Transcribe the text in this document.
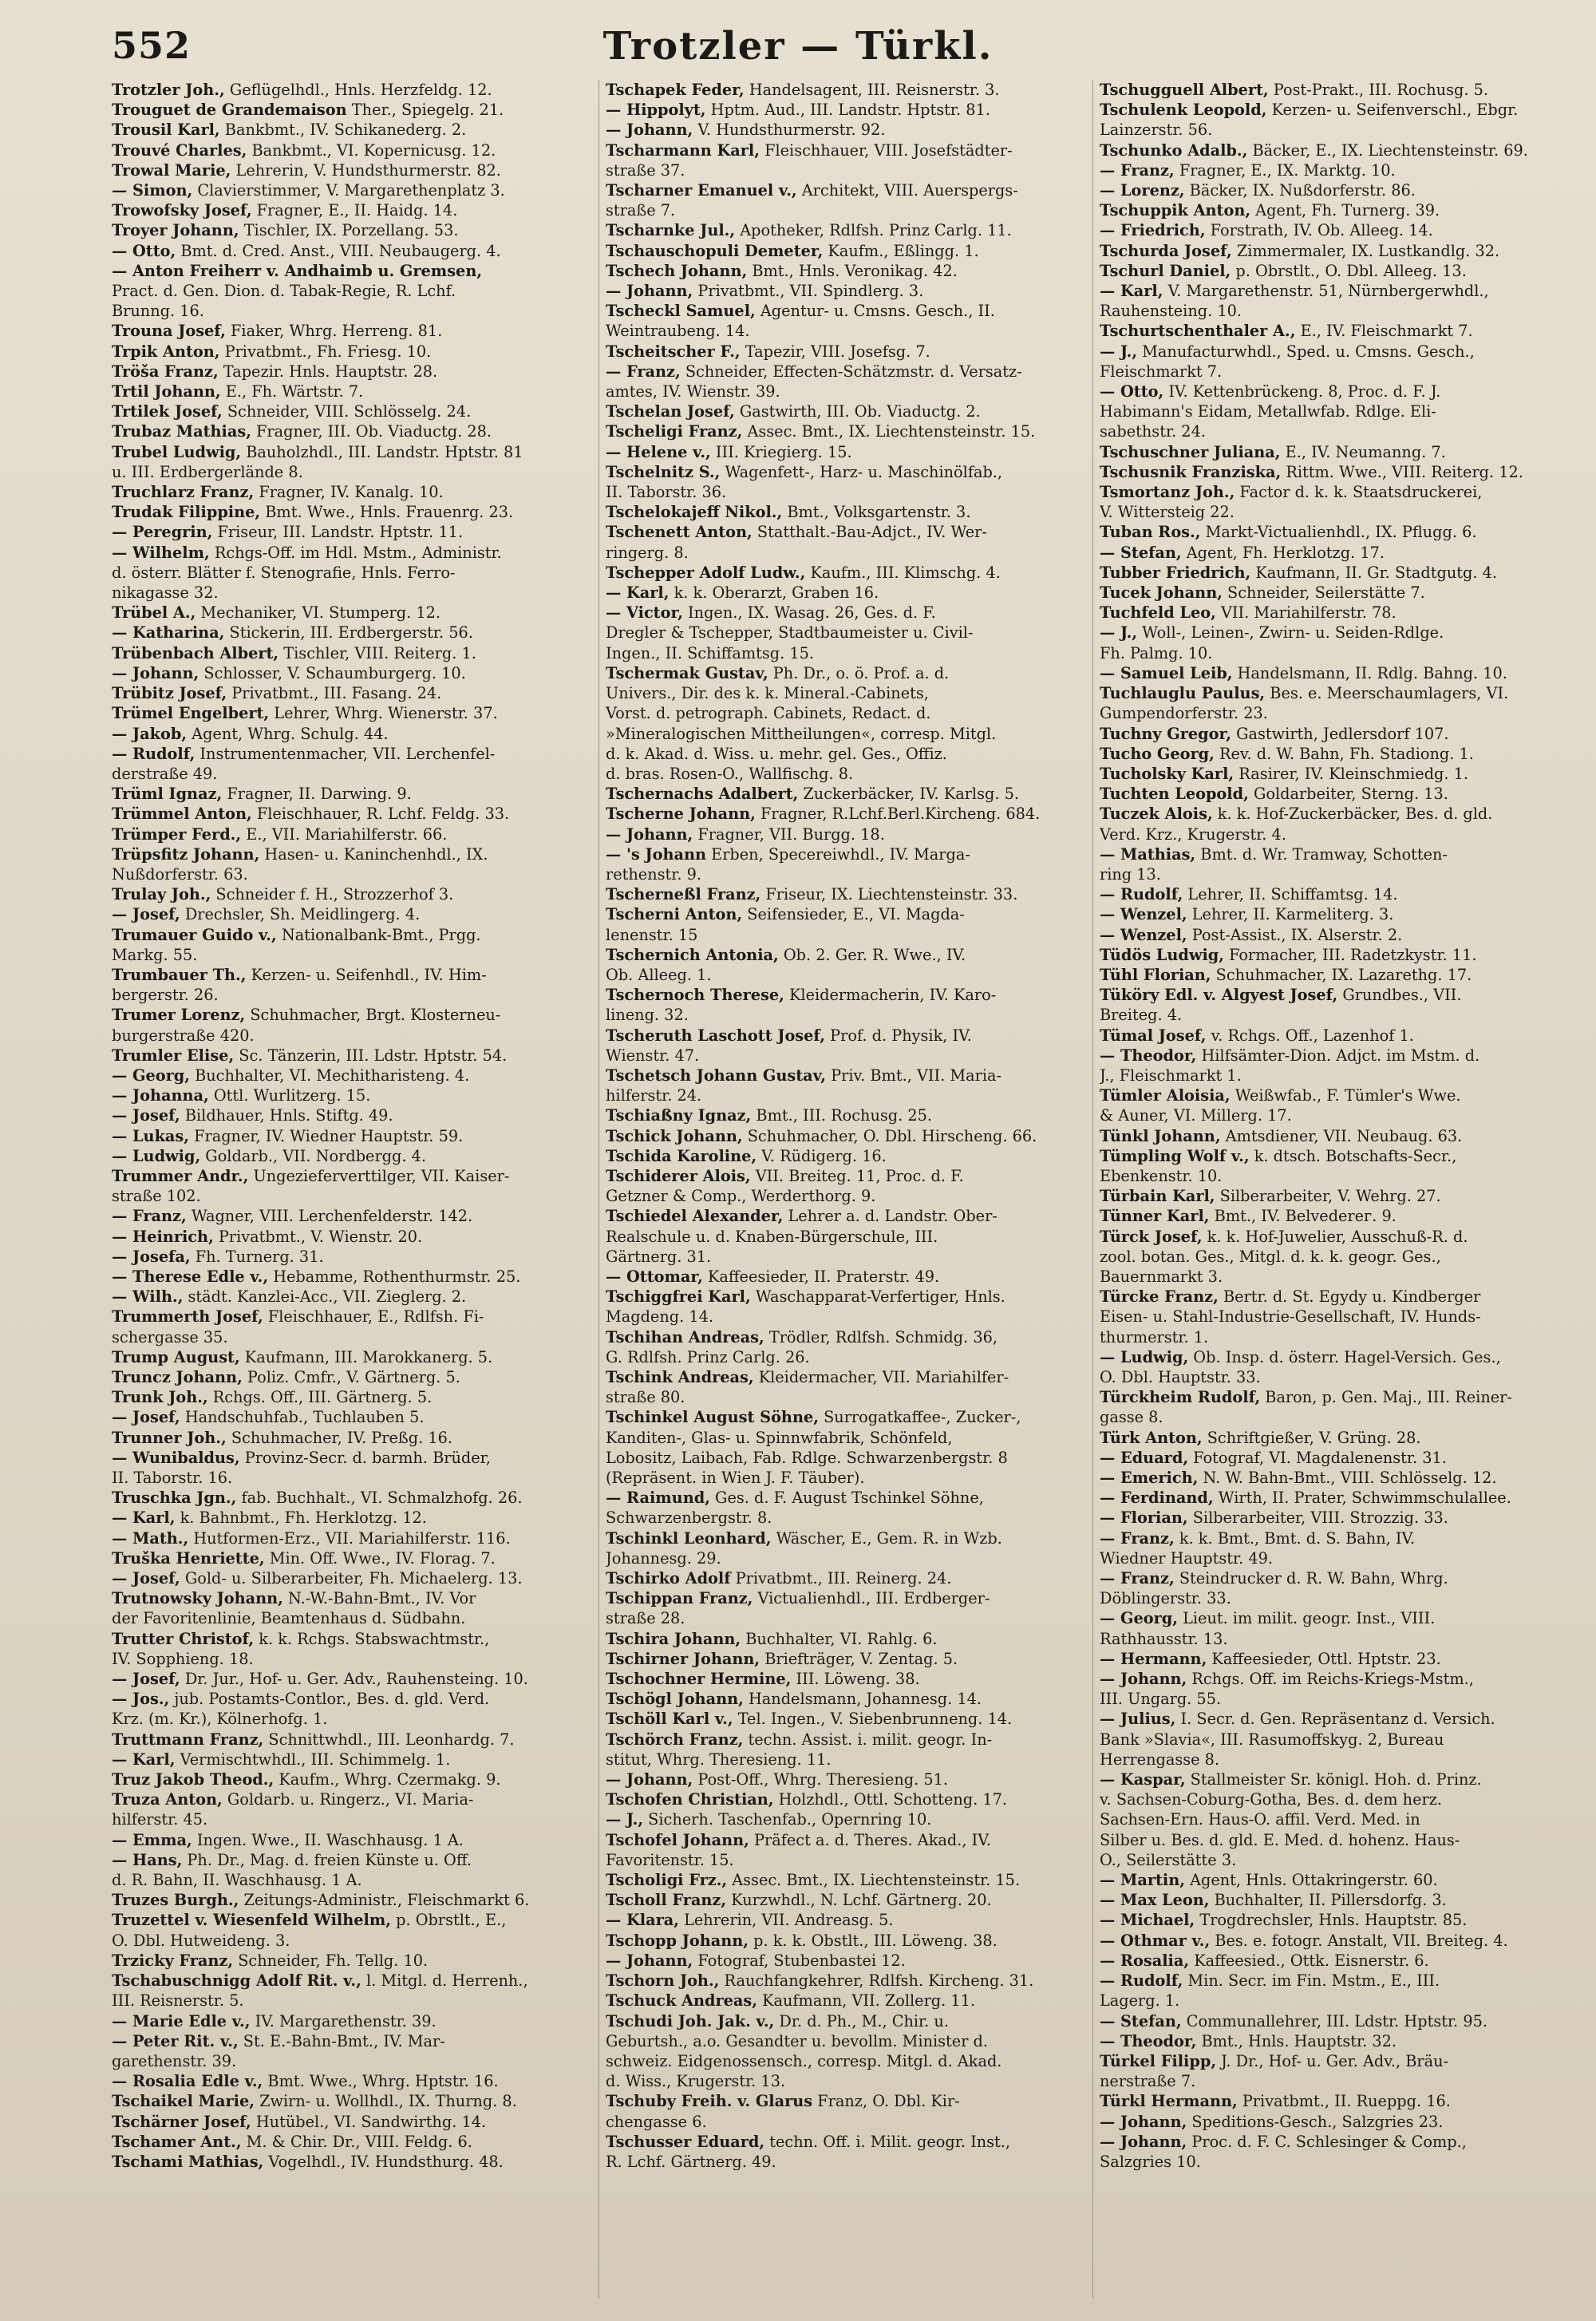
552	Trotzler — Türkl.
Trotzler Joh., Geflügelhdl., Hnls. Herzfeldg. 12.
Trouguet de Grandemaison Ther., Spiegelg. 21.
Trousil Karl, Bankbmt., IV. Schikanederg. 2.
Trouvé Charles, Bankbmt., VI. Kopernicusg. 12.
Trowal Marie, Lehrerin, V. Hundsthurmerstr. 82.
— Simon, Clavierstimmer, V. Margarethenplatz 3.
Trowofsky Josef, Fragner, E., II. Haidg. 14.
Troyer Johann, Tischler, IX. Porzellang. 53.
— Otto, Bmt. d. Cred. Anst., VIII. Neubaugerg. 4.
— Anton Freiherr v. Andhaimb u. Gremsen,
Pract. d. Gen. Dion. d. Tabak-Regie, R. Lchf.
Brunng. 16.
Trouna Josef, Fiaker, Whrg. Herreng. 81.
Trpik Anton, Privatbmt., Fh. Friesg. 10.
Tröša Franz, Tapezir. Hnls. Hauptstr. 28.
Trtil Johann, E., Fh. Wärtstr. 7.
Trtilek Josef, Schneider, VIII. Schlösselg. 24.
Trubaz Mathias, Fragner, III. Ob. Viaductg. 28.
Trubel Ludwig, Bauholzhdl., III. Landstr. Hptstr. 81
u. III. Erdbergerlände 8.
Truchlarz Franz, Fragner, IV. Kanalg. 10.
Trudak Filippine, Bmt. Wwe., Hnls. Frauenrg. 23.
— Peregrin, Friseur, III. Landstr. Hptstr. 11.
— Wilhelm, Rchgs-Off. im Hdl. Mstm., Administr.
d. österr. Blätter f. Stenografie, Hnls. Ferro-
nikagasse 32.
Trübel A., Mechaniker, VI. Stumperg. 12.
— Katharina, Stickerin, III. Erdbergerstr. 56.
Trübenbach Albert, Tischler, VIII. Reiterg. 1.
— Johann, Schlosser, V. Schaumburgerg. 10.
Trübitz Josef, Privatbmt., III. Fasang. 24.
Trümel Engelbert, Lehrer, Whrg. Wienerstr. 37.
— Jakob, Agent, Whrg. Schulg. 44.
— Rudolf, Instrumentenmacher, VII. Lerchenfel-
derstraße 49.
Trüml Ignaz, Fragner, II. Darwing. 9.
Trümmel Anton, Fleischhauer, R. Lchf. Feldg. 33.
Trümper Ferd., E., VII. Mariahilferstr. 66.
Trüpsfitz Johann, Hasen- u. Kaninchenhdl., IX.
Nußdorferstr. 63.
Trulay Joh., Schneider f. H., Strozzerhof 3.
— Josef, Drechsler, Sh. Meidlingerg. 4.
Trumauer Guido v., Nationalbank-Bmt., Prgg.
Markg. 55.
Trumbauer Th., Kerzen- u. Seifenhdl., IV. Him-
bergerstr. 26.
Trumer Lorenz, Schuhmacher, Brgt. Klosterneu-
burgerstraße 420.
Trumler Elise, Sc. Tänzerin, III. Ldstr. Hptstr. 54.
— Georg, Buchhalter, VI. Mechitharisteng. 4.
— Johanna, Ottl. Wurlitzerg. 15.
— Josef, Bildhauer, Hnls. Stiftg. 49.
— Lukas, Fragner, IV. Wiedner Hauptstr. 59.
— Ludwig, Goldarb., VII. Nordbergg. 4.
Trummer Andr., Ungezieferverttilger, VII. Kaiser-
straße 102.
— Franz, Wagner, VIII. Lerchenfelderstr. 142.
— Heinrich, Privatbmt., V. Wienstr. 20.
— Josefa, Fh. Turnerg. 31.
— Therese Edle v., Hebamme, Rothenthurmstr. 25.
— Wilh., städt. Kanzlei-Acc., VII. Zieglerg. 2.
Trummerth Josef, Fleischhauer, E., Rdlfsh. Fi-
schergasse 35.
Trump August, Kaufmann, III. Marokkanerg. 5.
Truncz Johann, Poliz. Cmfr., V. Gärtnerg. 5.
Trunk Joh., Rchgs. Off., III. Gärtnerg. 5.
— Josef, Handschuhfab., Tuchlauben 5.
Trunner Joh., Schuhmacher, IV. Preßg. 16.
— Wunibaldus, Provinz-Secr. d. barmh. Brüder,
II. Taborstr. 16.
Truschka Jgn., fab. Buchhalt., VI. Schmalzhofg. 26.
— Karl, k. Bahnbmt., Fh. Herklotzg. 12.
— Math., Hutformen-Erz., VII. Mariahilferstr. 116.
Truška Henriette, Min. Off. Wwe., IV. Florag. 7.
— Josef, Gold- u. Silberarbeiter, Fh. Michaelerg. 13.
Trutnowsky Johann, N.-W.-Bahn-Bmt., IV. Vor
der Favoritenlinie, Beamtenhaus d. Südbahn.
Trutter Christof, k. k. Rchgs. Stabswachtmstr.,
IV. Sopphieng. 18.
— Josef, Dr. Jur., Hof- u. Ger. Adv., Rauhensteing. 10.
— Jos., jub. Postamts-Contlor., Bes. d. gld. Verd.
Krz. (m. Kr.), Kölnerhofg. 1.
Truttmann Franz, Schnittwhdl., III. Leonhardg. 7.
— Karl, Vermischtwhdl., III. Schimmelg. 1.
Truz Jakob Theod., Kaufm., Whrg. Czermakg. 9.
Truza Anton, Goldarb. u. Ringerz., VI. Maria-
hilferstr. 45.
— Emma, Ingen. Wwe., II. Waschhausg. 1 A.
— Hans, Ph. Dr., Mag. d. freien Künste u. Off.
d. R. Bahn, II. Waschhausg. 1 A.
Truzes Burgh., Zeitungs-Administr., Fleischmarkt 6.
Truzettel v. Wiesenfeld Wilhelm, p. Obrstlt., E.,
O. Dbl. Hutweideng. 3.
Trzicky Franz, Schneider, Fh. Tellg. 10.
Tschabuschnigg Adolf Rit. v., l. Mitgl. d. Herrenh.,
III. Reisnerstr. 5.
— Marie Edle v., IV. Margarethenstr. 39.
— Peter Rit. v., St. E.-Bahn-Bmt., IV. Mar-
garethenstr. 39.
— Rosalia Edle v., Bmt. Wwe., Whrg. Hptstr. 16.
Tschaikel Marie, Zwirn- u. Wollhdl., IX. Thurng. 8.
Tschärner Josef, Hutübel., VI. Sandwirthg. 14.
Tschamer Ant., M. & Chir. Dr., VIII. Feldg. 6.
Tschami Mathias, Vogelhdl., IV. Hundsthurg. 48.
Tschapek Feder, Handelsagent, III. Reisnerstr. 3.
— Hippolyt, Hptm. Aud., III. Landstr. Hptstr. 81.
— Johann, V. Hundsthurmerstr. 92.
Tscharmann Karl, Fleischhauer, VIII. Josefstädter-
straße 37.
Tscharner Emanuel v., Architekt, VIII. Auerspergs-
straße 7.
Tscharnke Jul., Apotheker, Rdlfsh. Prinz Carlg. 11.
Tschauschopuli Demeter, Kaufm., Eßlingg. 1.
Tschech Johann, Bmt., Hnls. Veronikag. 42.
— Johann, Privatbmt., VII. Spindlerg. 3.
Tscheckl Samuel, Agentur- u. Cmsns. Gesch., II.
Weintraubeng. 14.
Tscheitscher F., Tapezir, VIII. Josefsg. 7.
— Franz, Schneider, Effecten-Schätzmstr. d. Versatz-
amtes, IV. Wienstr. 39.
Tschelan Josef, Gastwirth, III. Ob. Viaductg. 2.
Tscheligi Franz, Assec. Bmt., IX. Liechtensteinstr. 15.
— Helene v., III. Kriegierg. 15.
Tschelnitz S., Wagenfett-, Harz- u. Maschinölfab.,
II. Taborstr. 36.
Tschelokajeff Nikol., Bmt., Volksgartenstr. 3.
Tschenett Anton, Statthalt.-Bau-Adjct., IV. Wer-
ringerg. 8.
Tschepper Adolf Ludw., Kaufm., III. Klimschg. 4.
— Karl, k. k. Oberarzt, Graben 16.
— Victor, Ingen., IX. Wasag. 26, Ges. d. F.
Dregler & Tschepper, Stadtbaumeister u. Civil-
Ingen., II. Schiffamtsg. 15.
Tschermak Gustav, Ph. Dr., o. ö. Prof. a. d.
Univers., Dir. des k. k. Mineral.-Cabinets,
Vorst. d. petrograph. Cabinets, Redact. d.
»Mineralogischen Mittheilungen«, corresp. Mitgl.
d. k. Akad. d. Wiss. u. mehr. gel. Ges., Offiz.
d. bras. Rosen-O., Wallfischg. 8.
Tschernachs Adalbert, Zuckerbäcker, IV. Karlsg. 5.
Tscherne Johann, Fragner, R.Lchf.Berl.Kircheng. 684.
— Johann, Fragner, VII. Burgg. 18.
— 's Johann Erben, Specereiwhdl., IV. Marga-
rethenstr. 9.
Tscherneßl Franz, Friseur, IX. Liechtensteinstr. 33.
Tscherni Anton, Seifensieder, E., VI. Magda-
lenenstr. 15
Tschernich Antonia, Ob. 2. Ger. R. Wwe., IV.
Ob. Alleeg. 1.
Tschernoch Therese, Kleidermacherin, IV. Karo-
lineng. 32.
Tscheruth Laschott Josef, Prof. d. Physik, IV.
Wienstr. 47.
Tschetsch Johann Gustav, Priv. Bmt., VII. Maria-
hilferstr. 24.
Tschiaßny Ignaz, Bmt., III. Rochusg. 25.
Tschick Johann, Schuhmacher, O. Dbl. Hirscheng. 66.
Tschida Karoline, V. Rüdigerg. 16.
Tschiderer Alois, VII. Breiteg. 11, Proc. d. F.
Getzner & Comp., Werderthorg. 9.
Tschiedel Alexander, Lehrer a. d. Landstr. Ober-
Realschule u. d. Knaben-Bürgerschule, III.
Gärtnerg. 31.
— Ottomar, Kaffeesieder, II. Praterstr. 49.
Tschiggfrei Karl, Waschapparat-Verfertiger, Hnls.
Magdeng. 14.
Tschihan Andreas, Trödler, Rdlfsh. Schmidg. 36,
G. Rdlfsh. Prinz Carlg. 26.
Tschink Andreas, Kleidermacher, VII. Mariahilfer-
straße 80.
Tschinkel August Söhne, Surrogatkaffee-, Zucker-,
Kanditen-, Glas- u. Spinnwfabrik, Schönfeld,
Lobositz, Laibach, Fab. Rdlge. Schwarzenbergstr. 8
(Repräsent. in Wien J. F. Täuber).
— Raimund, Ges. d. F. August Tschinkel Söhne,
Schwarzenbergstr. 8.
Tschinkl Leonhard, Wäscher, E., Gem. R. in Wzb.
Johannesg. 29.
Tschirko Adolf Privatbmt., III. Reinerg. 24.
Tschippan Franz, Victualienhdl., III. Erdberger-
straße 28.
Tschira Johann, Buchhalter, VI. Rahlg. 6.
Tschirner Johann, Briefträger, V. Zentag. 5.
Tschochner Hermine, III. Löweng. 38.
Tschögl Johann, Handelsmann, Johannesg. 14.
Tschöll Karl v., Tel. Ingen., V. Siebenbrunneng. 14.
Tschörch Franz, techn. Assist. i. milit. geogr. In-
stitut, Whrg. Theresieng. 11.
— Johann, Post-Off., Whrg. Theresieng. 51.
Tschofen Christian, Holzhdl., Ottl. Schotteng. 17.
— J., Sicherh. Taschenfab., Opernring 10.
Tschofel Johann, Präfect a. d. Theres. Akad., IV.
Favoritenstr. 15.
Tscholigi Frz., Assec. Bmt., IX. Liechtensteinstr. 15.
Tscholl Franz, Kurzwhdl., N. Lchf. Gärtnerg. 20.
— Klara, Lehrerin, VII. Andreasg. 5.
Tschopp Johann, p. k. k. Obstlt., III. Löweng. 38.
— Johann, Fotograf, Stubenbastei 12.
Tschorn Joh., Rauchfangkehrer, Rdlfsh. Kircheng. 31.
Tschuck Andreas, Kaufmann, VII. Zollerg. 11.
Tschudi Joh. Jak. v., Dr. d. Ph., M., Chir. u.
Geburtsh., a.o. Gesandter u. bevollm. Minister d.
schweiz. Eidgenossensch., corresp. Mitgl. d. Akad.
d. Wiss., Krugerstr. 13.
Tschuby Freih. v. Glarus Franz, O. Dbl. Kir-
chengasse 6.
Tschusser Eduard, techn. Off. i. Milit. geogr. Inst.,
R. Lchf. Gärtnerg. 49.
Tschugguell Albert, Post-Prakt., III. Rochusg. 5.
Tschulenk Leopold, Kerzen- u. Seifenverschl., Ebgr.
Lainzerstr. 56.
Tschunko Adalb., Bäcker, E., IX. Liechtensteinstr. 69.
— Franz, Fragner, E., IX. Marktg. 10.
— Lorenz, Bäcker, IX. Nußdorferstr. 86.
Tschuppik Anton, Agent, Fh. Turnerg. 39.
— Friedrich, Forstrath, IV. Ob. Alleeg. 14.
Tschurda Josef, Zimmermaler, IX. Lustkandlg. 32.
Tschurl Daniel, p. Obrstlt., O. Dbl. Alleeg. 13.
— Karl, V. Margarethenstr. 51, Nürnbergerwhdl.,
Rauhensteing. 10.
Tschurtschenthaler A., E., IV. Fleischmarkt 7.
— J., Manufacturwhdl., Sped. u. Cmsns. Gesch.,
Fleischmarkt 7.
— Otto, IV. Kettenbrückeng. 8, Proc. d. F. J.
Habimann's Eidam, Metallwfab. Rdlge. Eli-
sabethstr. 24.
Tschuschner Juliana, E., IV. Neumanng. 7.
Tschusnik Franziska, Rittm. Wwe., VIII. Reiterg. 12.
Tsmortanz Joh., Factor d. k. k. Staatsdruckerei,
V. Wittersteig 22.
Tuban Ros., Markt-Victualienhdl., IX. Pflugg. 6.
— Stefan, Agent, Fh. Herklotzg. 17.
Tubber Friedrich, Kaufmann, II. Gr. Stadtgutg. 4.
Tucek Johann, Schneider, Seilerstätte 7.
Tuchfeld Leo, VII. Mariahilferstr. 78.
— J., Woll-, Leinen-, Zwirn- u. Seiden-Rdlge.
Fh. Palmg. 10.
— Samuel Leib, Handelsmann, II. Rdlg. Bahng. 10.
Tuchlauglu Paulus, Bes. e. Meerschaumlagers, VI.
Gumpendorferstr. 23.
Tuchny Gregor, Gastwirth, Jedlersdorf 107.
Tucho Georg, Rev. d. W. Bahn, Fh. Stadiong. 1.
Tucholsky Karl, Rasirer, IV. Kleinschmiedg. 1.
Tuchten Leopold, Goldarbeiter, Sterng. 13.
Tuczek Alois, k. k. Hof-Zuckerbäcker, Bes. d. gld.
Verd. Krz., Krugerstr. 4.
— Mathias, Bmt. d. Wr. Tramway, Schotten-
ring 13.
— Rudolf, Lehrer, II. Schiffamtsg. 14.
— Wenzel, Lehrer, II. Karmeliterg. 3.
— Wenzel, Post-Assist., IX. Alserstr. 2.
Tüdös Ludwig, Formacher, III. Radetzkystr. 11.
Tühl Florian, Schuhmacher, IX. Lazarethg. 17.
Tüköry Edl. v. Algyest Josef, Grundbes., VII.
Breiteg. 4.
Tümal Josef, v. Rchgs. Off., Lazenhof 1.
— Theodor, Hilfsämter-Dion. Adjct. im Mstm. d.
J., Fleischmarkt 1.
Tümler Aloisia, Weißwfab., F. Tümler's Wwe.
& Auner, VI. Millerg. 17.
Tünkl Johann, Amtsdiener, VII. Neubaug. 63.
Tümpling Wolf v., k. dtsch. Botschafts-Secr.,
Ebenkenstr. 10.
Türbain Karl, Silberarbeiter, V. Wehrg. 27.
Tünner Karl, Bmt., IV. Belvederег. 9.
Türck Josef, k. k. Hof-Juwelier, Ausschuß-R. d.
zool. botan. Ges., Mitgl. d. k. k. geogr. Ges.,
Bauernmarkt 3.
Türcke Franz, Bertr. d. St. Egydy u. Kindberger
Eisen- u. Stahl-Industrie-Gesellschaft, IV. Hunds-
thurmerstr. 1.
— Ludwig, Ob. Insp. d. österr. Hagel-Versich. Ges.,
O. Dbl. Hauptstr. 33.
Türckheim Rudolf, Baron, p. Gen. Maj., III. Reiner-
gasse 8.
Türk Anton, Schriftgießer, V. Grüng. 28.
— Eduard, Fotograf, VI. Magdalenenstr. 31.
— Emerich, N. W. Bahn-Bmt., VIII. Schlösselg. 12.
— Ferdinand, Wirth, II. Prater, Schwimmschulallee.
— Florian, Silberarbeiter, VIII. Strozzig. 33.
— Franz, k. k. Bmt., Bmt. d. S. Bahn, IV.
Wiedner Hauptstr. 49.
— Franz, Steindrucker d. R. W. Bahn, Whrg.
Döblingerstr. 33.
— Georg, Lieut. im milit. geogr. Inst., VIII.
Rathhausstr. 13.
— Hermann, Kaffeesieder, Ottl. Hptstr. 23.
— Johann, Rchgs. Off. im Reichs-Kriegs-Mstm.,
III. Ungarg. 55.
— Julius, I. Secr. d. Gen. Repräsentanz d. Versich.
Bank »Slavia«, III. Rasumoffskyg. 2, Bureau
Herrengasse 8.
— Kaspar, Stallmeister Sr. königl. Hoh. d. Prinz.
v. Sachsen-Coburg-Gotha, Bes. d. dem herz.
Sachsen-Ern. Haus-O. affil. Verd. Med. in
Silber u. Bes. d. gld. E. Med. d. hohenz. Haus-
O., Seilerstätte 3.
— Martin, Agent, Hnls. Ottakringerstr. 60.
— Max Leon, Buchhalter, II. Pillersdorfg. 3.
— Michael, Trogdrechsler, Hnls. Hauptstr. 85.
— Othmar v., Bes. e. fotogr. Anstalt, VII. Breiteg. 4.
— Rosalia, Kaffeesied., Ottk. Eisnerstr. 6.
— Rudolf, Min. Secr. im Fin. Mstm., E., III.
Lagerg. 1.
— Stefan, Communallehrer, III. Ldstr. Hptstr. 95.
— Theodor, Bmt., Hnls. Hauptstr. 32.
Türkel Filipp, J. Dr., Hof- u. Ger. Adv., Bräu-
nerstraße 7.
Türkl Hermann, Privatbmt., II. Rueppg. 16.
— Johann, Speditions-Gesch., Salzgries 23.
— Johann, Proc. d. F. C. Schlesinger & Comp.,
Salzgries 10.
